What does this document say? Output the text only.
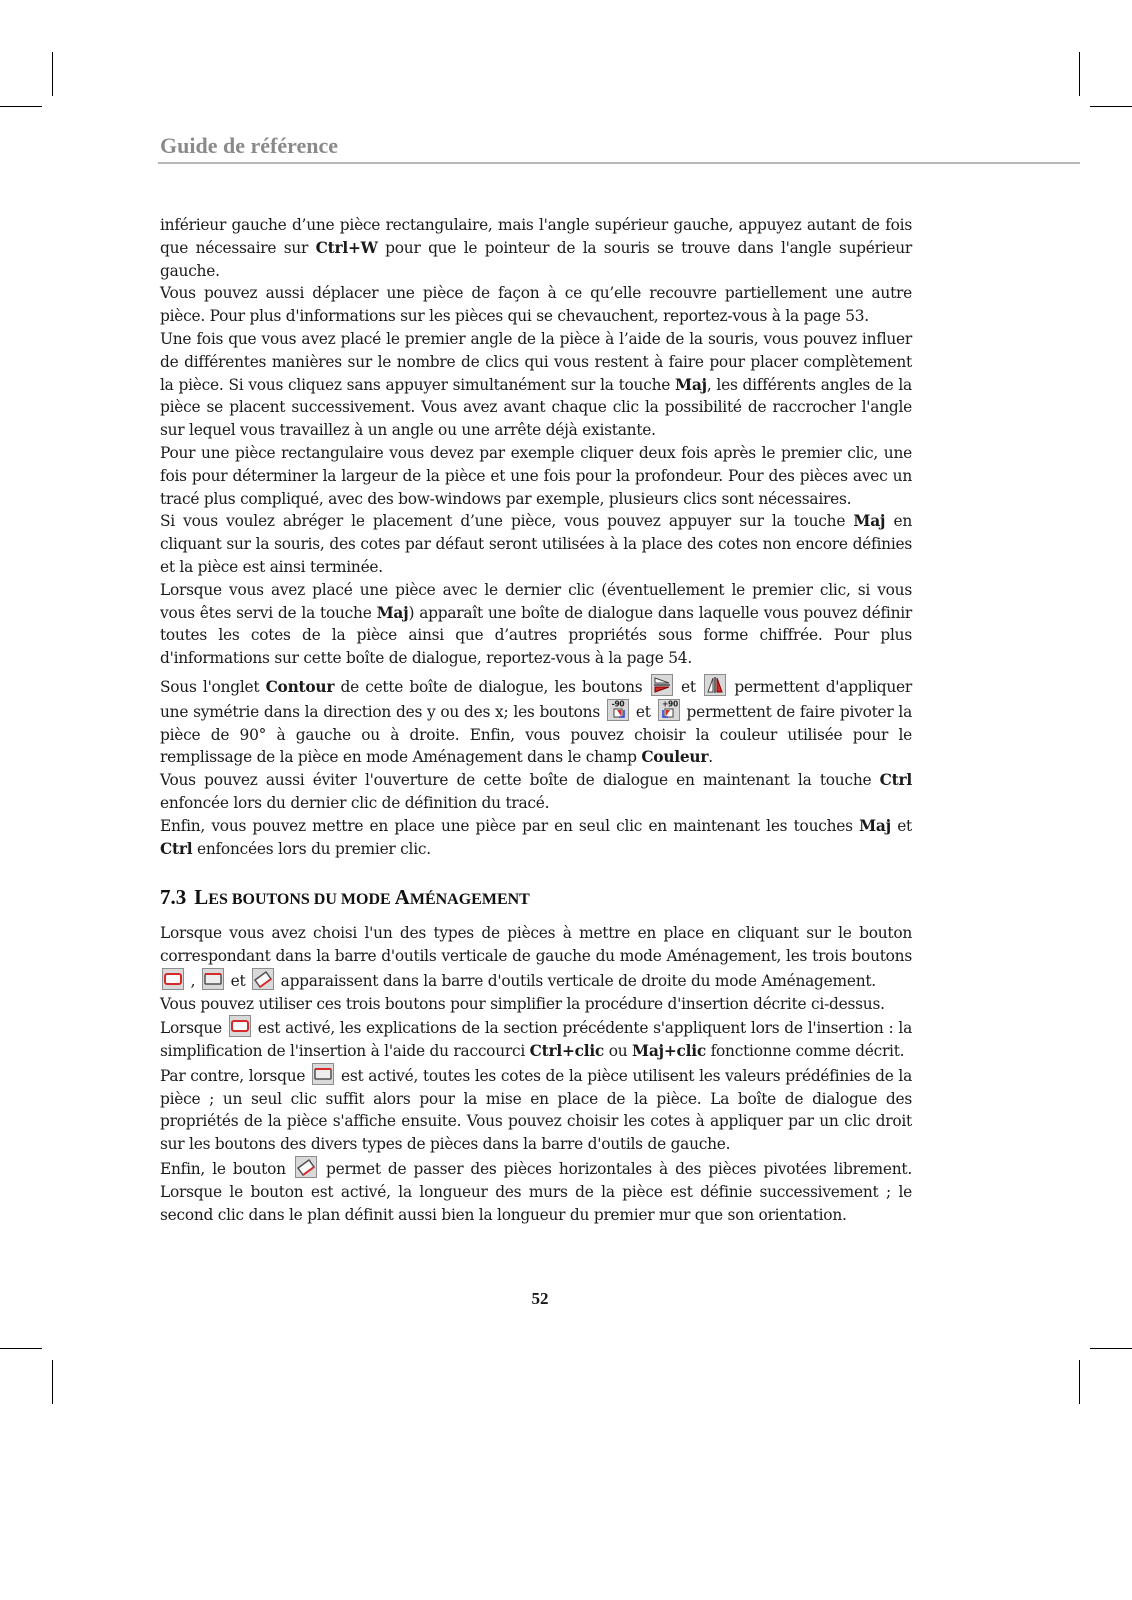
Guide de référence

inférieur gauche d’une pièce rectangulaire, mais l'angle supérieur gauche, appuyez autant de fois que nécessaire sur Ctrl+W pour que le pointeur de la souris se trouve dans l'angle supérieur gauche.

Vous pouvez aussi déplacer une pièce de façon à ce qu’elle recouvre partiellement une autre pièce. Pour plus d'informations sur les pièces qui se chevauchent, reportez-vous à la page 53.

Une fois que vous avez placé le premier angle de la pièce à l’aide de la souris, vous pouvez influer de différentes manières sur le nombre de clics qui vous restent à faire pour placer complètement la pièce. Si vous cliquez sans appuyer simultanément sur la touche Maj, les différents angles de la pièce se placent successivement. Vous avez avant chaque clic la possibilité de raccrocher l'angle sur lequel vous travaillez à un angle ou une arrête déjà existante.

Pour une pièce rectangulaire vous devez par exemple cliquer deux fois après le premier clic, une fois pour déterminer la largeur de la pièce et une fois pour la profondeur. Pour des pièces avec un tracé plus compliqué, avec des bow-windows par exemple, plusieurs clics sont nécessaires.

Si vous voulez abréger le placement d’une pièce, vous pouvez appuyer sur la touche Maj en cliquant sur la souris, des cotes par défaut seront utilisées à la place des cotes non encore définies et la pièce est ainsi terminée.

Lorsque vous avez placé une pièce avec le dernier clic (éventuellement le premier clic, si vous vous êtes servi de la touche Maj) apparaît une boîte de dialogue dans laquelle vous pouvez définir toutes les cotes de la pièce ainsi que d’autres propriétés sous forme chiffrée. Pour plus d'informations sur cette boîte de dialogue, reportez-vous à la page 54.

Sous l'onglet Contour de cette boîte de dialogue, les boutons
et
permettent d'appliquer une symétrie dans la direction des y ou des x; les boutons -90 et +90 permettent de faire pivoter la pièce de 90° à gauche ou à droite. Enfin, vous pouvez choisir la couleur utilisée pour le remplissage de la pièce en mode Aménagement dans le champ Couleur.

Vous pouvez aussi éviter l'ouverture de cette boîte de dialogue en maintenant la touche Ctrl enfoncée lors du dernier clic de définition du tracé.

Enfin, vous pouvez mettre en place une pièce par en seul clic en maintenant les touches Maj et Ctrl enfoncées lors du premier clic.

7.3 LES BOUTONS DU MODE AMÉNAGEMENT

Lorsque vous avez choisi l'un des types de pièces à mettre en place en cliquant sur le bouton correspondant dans la barre d'outils verticale de gauche du mode Aménagement, les trois boutons
,
et
apparaissent dans la barre d'outils verticale de droite du mode Aménagement.

Vous pouvez utiliser ces trois boutons pour simplifier la procédure d'insertion décrite ci-dessus.

Lorsque
est activé, les explications de la section précédente s'appliquent lors de l'insertion : la simplification de l'insertion à l'aide du raccourci Ctrl+clic ou Maj+clic fonctionne comme décrit.

Par contre, lorsque
est activé, toutes les cotes de la pièce utilisent les valeurs prédéfinies de la pièce ; un seul clic suffit alors pour la mise en place de la pièce. La boîte de dialogue des propriétés de la pièce s'affiche ensuite. Vous pouvez choisir les cotes à appliquer par un clic droit sur les boutons des divers types de pièces dans la barre d'outils de gauche.

Enfin, le bouton
permet de passer des pièces horizontales à des pièces pivotées librement. Lorsque le bouton est activé, la longueur des murs de la pièce est définie successivement ; le second clic dans le plan définit aussi bien la longueur du premier mur que son orientation.

52
